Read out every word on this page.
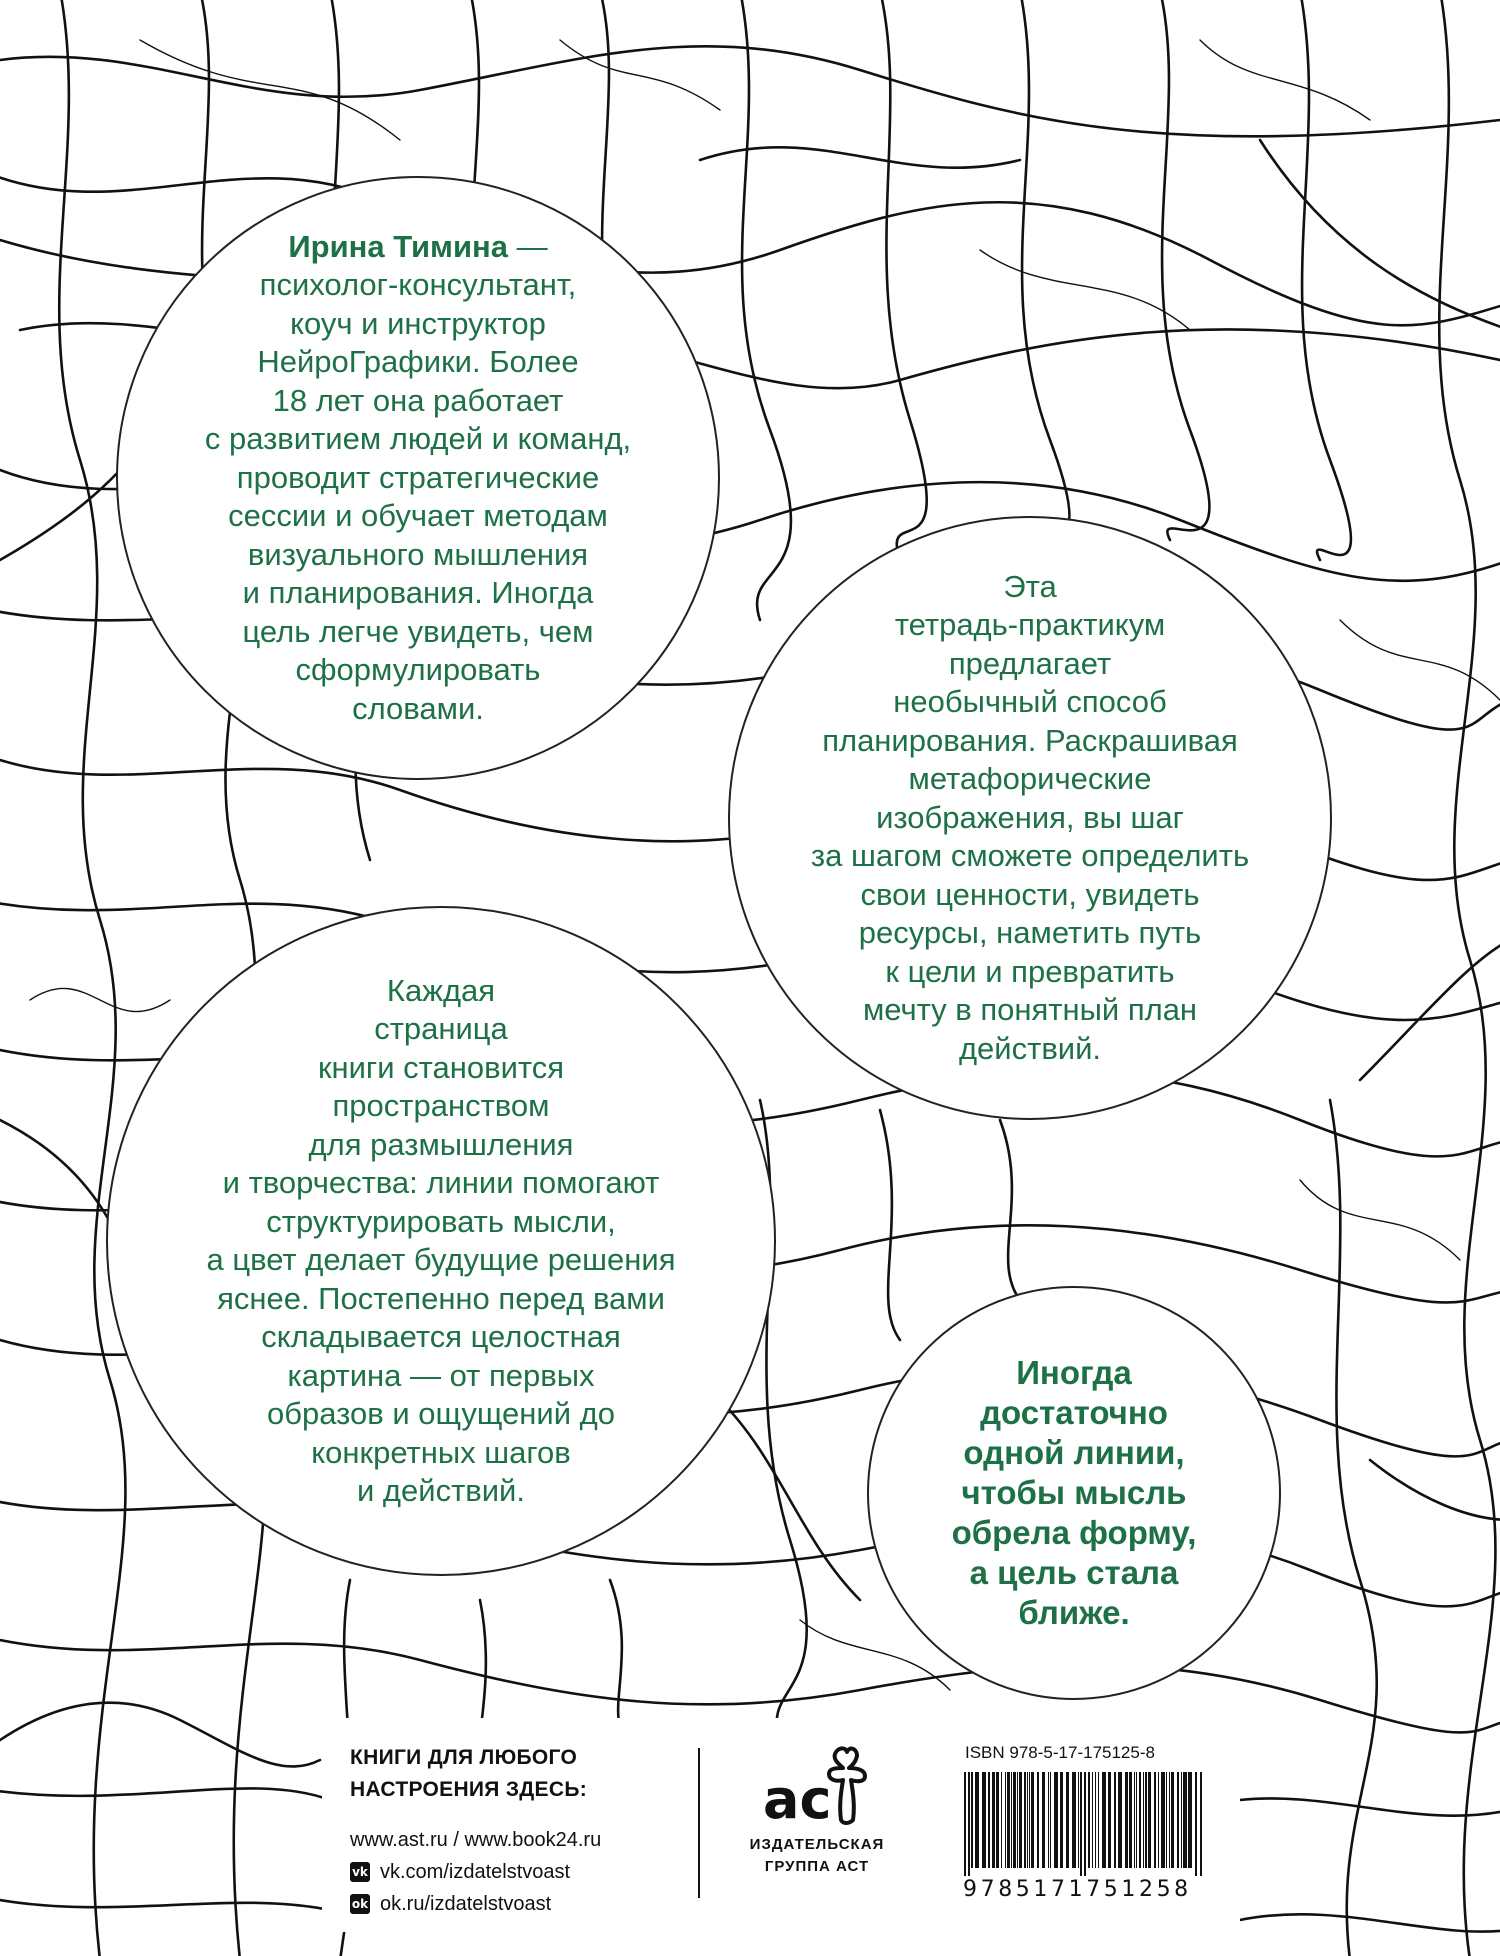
Ирина Тимина —
психолог-консультант,
коуч и инструктор
НейроГрафики. Более
18 лет она работает
с развитием людей и команд,
проводит стратегические
сессии и обучает методам
визуального мышления
и планирования. Иногда
цель легче увидеть, чем
сформулировать
словами.
Эта
тетрадь-практикум
предлагает
необычный способ
планирования. Раскрашивая
метафорические
изображения, вы шаг
за шагом сможете определить
свои ценности, увидеть
ресурсы, наметить путь
к цели и превратить
мечту в понятный план
действий.
Каждая
страница
книги становится
пространством
для размышления
и творчества: линии помогают
структурировать мысли,
а цвет делает будущие решения
яснее. Постепенно перед вами
складывается целостная
картина — от первых
образов и ощущений до
конкретных шагов
и действий.
Иногда
достаточно
одной линии,
чтобы мысль
обрела форму,
а цель стала
ближе.
КНИГИ ДЛЯ ЛЮБОГО
НАСТРОЕНИЯ ЗДЕСЬ:
www.ast.ru / www.book24.ru
vk vk.com/izdatelstvoast
ok ok.ru/izdatelstvoast
ac
ИЗДАТЕЛЬСКАЯ
ГРУППА АСТ
ISBN 978-5-17-175125-8
9785171751258
